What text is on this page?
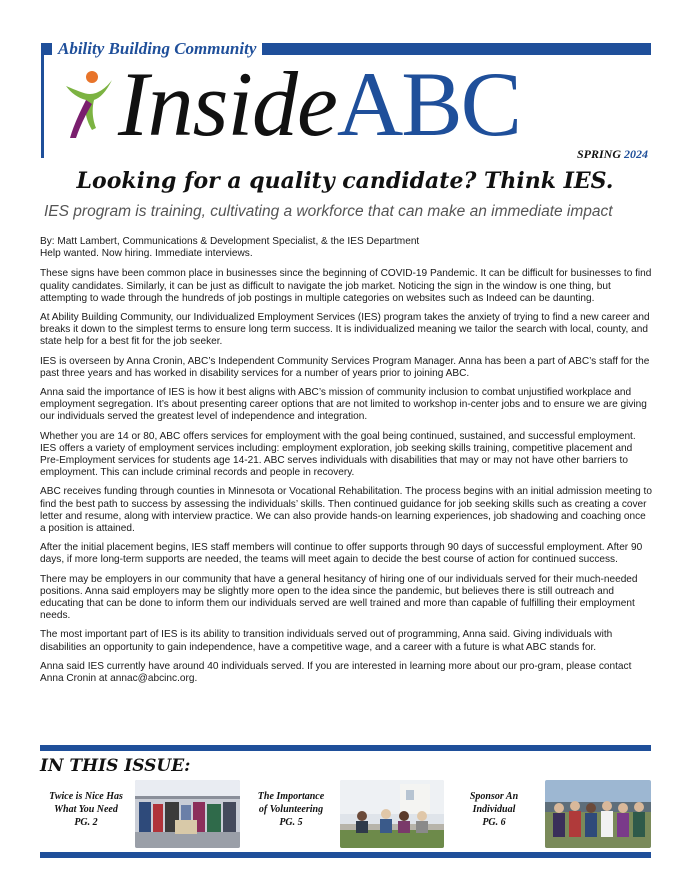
Ability Building Community
InsideABC	SPRING 2024
Looking for a quality candidate? Think IES.
IES program is training, cultivating a workforce that can make an immediate impact
By: Matt Lambert, Communications & Development Specialist, & the IES Department
Help wanted. Now hiring. Immediate interviews.

These signs have been common place in businesses since the beginning of COVID-19 Pandemic. It can be difficult for businesses to find quality candidates. Similarly, it can be just as difficult to navigate the job market. Noticing the sign in the window is one thing, but attempting to wade through the hundreds of job postings in multiple categories on websites such as Indeed can be daunting.

At Ability Building Community, our Individualized Employment Services (IES) program takes the anxiety of trying to find a new career and breaks it down to the simplest terms to ensure long term success. It is individualized meaning we tailor the search with local, county, and state help for a best fit for the job seeker.

IES is overseen by Anna Cronin, ABC’s Independent Community Services Program Manager. Anna has been a part of ABC’s staff for the past three years and has worked in disability services for a number of years prior to joining ABC.

Anna said the importance of IES is how it best aligns with ABC’s mission of community inclusion to combat unjustified workplace and employment segregation. It’s about presenting career options that are not limited to workshop in-center jobs and to ensure we are giving our individuals served the greatest level of independence and integration.

Whether you are 14 or 80, ABC offers services for employment with the goal being continued, sustained, and successful employment. IES offers a variety of employment services including: employment exploration, job seeking skills training, competitive placement and Pre-Employment services for students age 14-21. ABC serves individuals with disabilities that may or may not have other barriers to employment. This can include criminal records and people in recovery.

ABC receives funding through counties in Minnesota or Vocational Rehabilitation. The process begins with an initial admission meeting to find the best path to success by assessing the individuals’ skills. Then continued guidance for job seeking skills such as creating a cover letter and resume, along with interview practice. We can also provide hands-on learning experiences, job shadowing and coaching once a position is attained.

After the initial placement begins, IES staff members will continue to offer supports through 90 days of successful employment. After 90 days, if more long-term supports are needed, the teams will meet again to decide the best course of action for continued success.

There may be employers in our community that have a general hesitancy of hiring one of our individuals served for their much-needed positions. Anna said employers may be slightly more open to the idea since the pandemic, but believes there is still outreach and educating that can be done to inform them our individuals served are well trained and more than capable of fulfilling their employment needs.

The most important part of IES is its ability to transition individuals served out of programming, Anna said. Giving individuals with disabilities an opportunity to gain independence, have a competitive wage, and a career with a future is what ABC stands for.

Anna said IES currently have around 40 individuals served. If you are interested in learning more about our pro-gram, please contact Anna Cronin at annac@abcinc.org.

IN THIS ISSUE:
Twice is Nice Has
What You Need
PG. 2
The Importance
of Volunteering
PG. 5
Sponsor An
Individual
PG. 6
